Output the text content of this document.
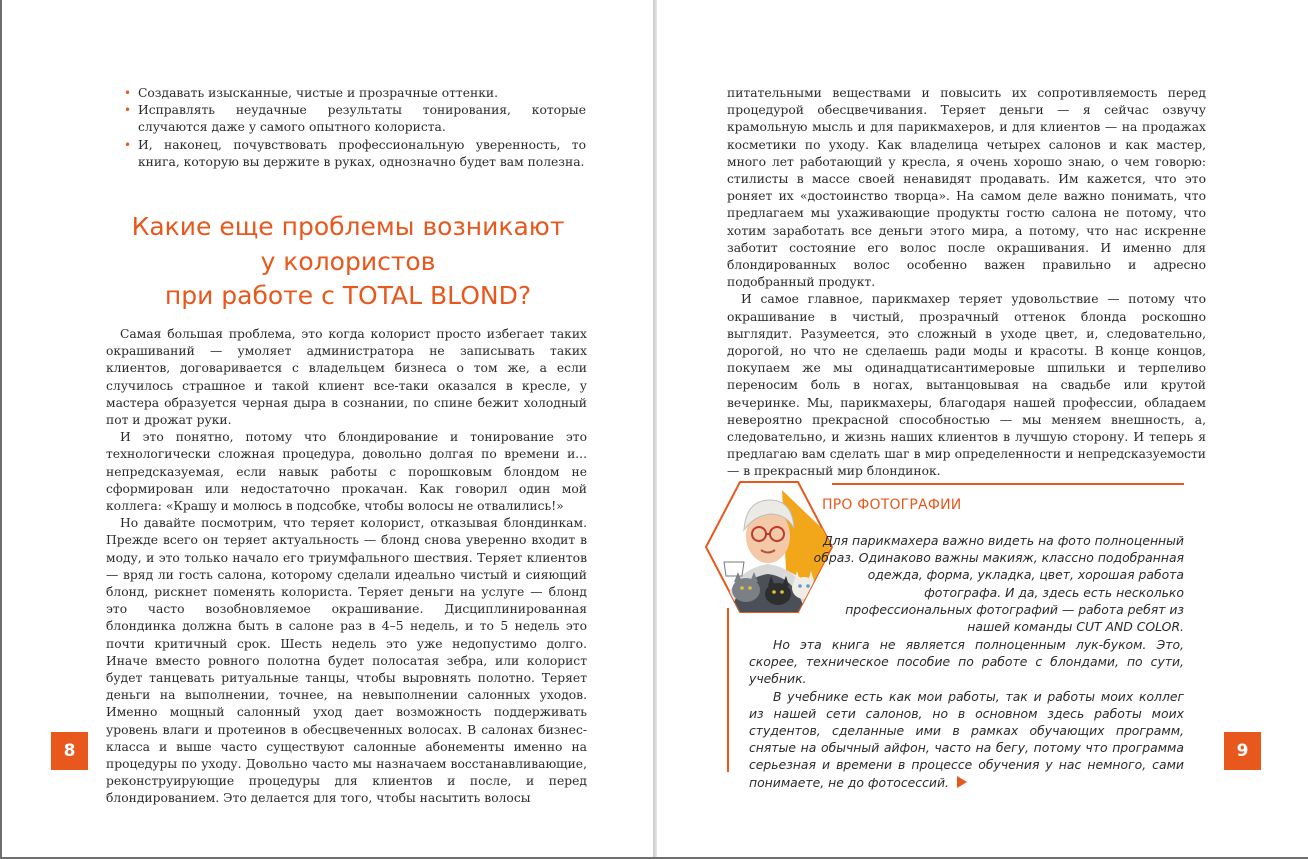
• Создавать изысканные, чистые и прозрачные оттенки.
• Исправлять неудачные результаты тонирования, которые случаются даже у самого опытного колориста.
• И, наконец, почувствовать профессиональную уверенность, то книга, которую вы держите в руках, однозначно будет вам полезна.
Какие еще проблемы возникают
у колористов
при работе с TOTAL BLOND?

Самая большая проблема, это когда колорист просто избегает таких окрашиваний — умоляет администратора не записывать таких клиентов, договаривается с владельцем бизнеса о том же, а если случилось страшное и такой клиент все-таки оказался в кресле, у мастера образуется черная дыра в сознании, по спине бежит холодный пот и дрожат руки.

И это понятно, потому что блондирование и тонирование это технологически сложная процедура, довольно долгая по времени и... непредсказуемая, если навык работы с порошковым блондом не сформирован или недостаточно прокачан. Как говорил один мой коллега: «Крашу и молюсь в подсобке, чтобы волосы не отвалились!»

Но давайте посмотрим, что теряет колорист, отказывая блондинкам. Прежде всего он теряет актуальность — блонд снова уверенно входит в моду, и это только начало его триумфального шествия. Теряет клиентов — вряд ли гость салона, которому сделали идеально чистый и сияющий блонд, рискнет поменять колориста. Теряет деньги на услуге — блонд это часто возобновляемое окрашивание. Дисциплинированная блондинка должна быть в салоне раз в 4–5 недель, и то 5 недель это почти критичный срок. Шесть недель это уже недопустимо долго. Иначе вместо ровного полотна будет полосатая зебра, или колорист будет танцевать ритуальные танцы, чтобы выровнять полотно. Теряет деньги на выполнении, точнее, на невыполнении салонных уходов. Именно мощный салонный уход дает возможность поддерживать уровень влаги и протеинов в обесцвеченных волосах. В салонах бизнес-класса и выше часто существуют салонные абонементы именно на процедуры по уходу. Довольно часто мы назначаем восстанавливающие, реконструирующие процедуры для клиентов и после, и перед блондированием. Это делается для того, чтобы насытить волосы

8

питательными веществами и повысить их сопротивляемость перед процедурой обесцвечивания. Теряет деньги — я сейчас озвучу крамольную мысль и для парикмахеров, и для клиентов — на продажах косметики по уходу. Как владелица четырех салонов и как мастер, много лет работающий у кресла, я очень хорошо знаю, о чем говорю: стилисты в массе своей ненавидят продавать. Им кажется, что это роняет их «достоинство творца». На самом деле важно понимать, что предлагаем мы ухаживающие продукты гостю салона не потому, что хотим заработать все деньги этого мира, а потому, что нас искренне заботит состояние его волос после окрашивания. И именно для блондированных волос особенно важен правильно и адресно подобранный продукт.

И самое главное, парикмахер теряет удовольствие — потому что окрашивание в чистый, прозрачный оттенок блонда роскошно выглядит. Разумеется, это сложный в уходе цвет, и, следовательно, дорогой, но что не сделаешь ради моды и красоты. В конце концов, покупаем же мы одинадцатисантимеровые шпильки и терпеливо переносим боль в ногах, вытанцовывая на свадьбе или крутой вечеринке. Мы, парикмахеры, благодаря нашей профессии, обладаем невероятно прекрасной способностью — мы меняем внешность, а, следовательно, и жизнь наших клиентов в лучшую сторону. И теперь я предлагаю вам сделать шаг в мир определенности и непредсказуемости — в прекрасный мир блондинок.

ПРО ФОТОГРАФИИ

Для парикмахера важно видеть на фото полноценный образ. Одинаково важны макияж, классно подобранная одежда, форма, укладка, цвет, хорошая работа фотографа. И да, здесь есть несколько профессиональных фотографий — работа ребят из нашей команды CUT AND COLOR.

Но эта книга не является полноценным лук-буком. Это, скорее, техническое пособие по работе с блондами, по сути, учебник.

В учебнике есть как мои работы, так и работы моих коллег из нашей сети салонов, но в основном здесь работы моих студентов, сделанные ими в рамках обучающих программ, снятые на обычный айфон, часто на бегу, потому что программа серьезная и времени в процессе обучения у нас немного, сами понимаете, не до фотосессий.

9
